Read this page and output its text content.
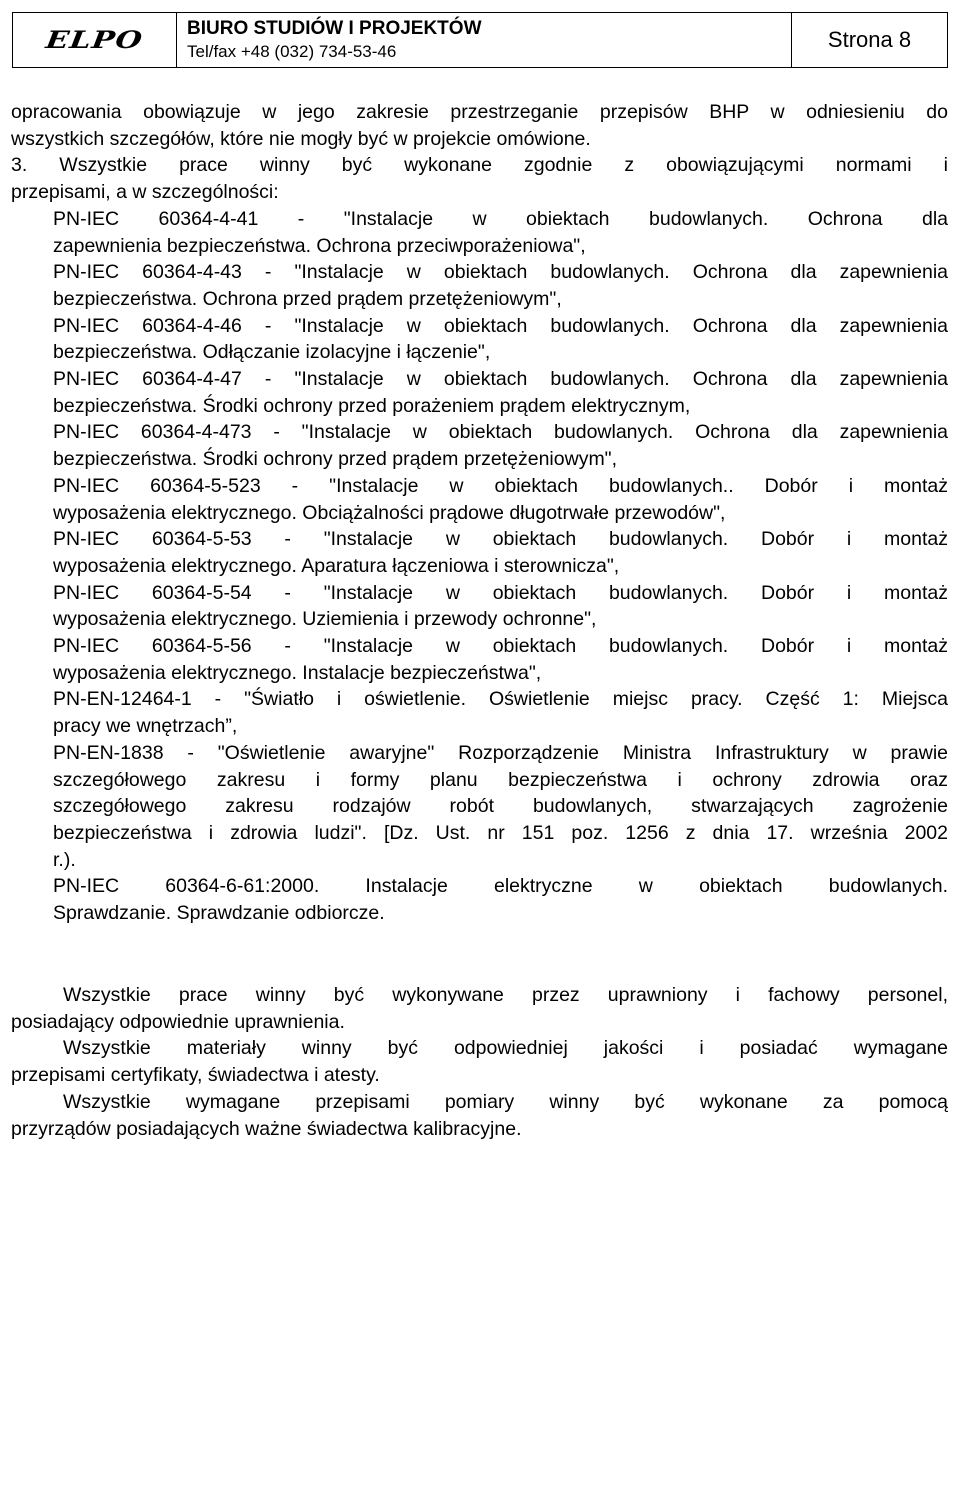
ELPO	BIURO STUDIÓW I PROJEKTÓW
Tel/fax +48 (032) 734-53-46	Strona 8
opracowania obowiązuje w jego zakresie przestrzeganie przepisów BHP w odniesieniu do
wszystkich szczegółów, które nie mogły być w projekcie omówione.
3. Wszystkie prace winny być wykonane zgodnie z obowiązującymi normami i
przepisami, a w szczególności:
PN-IEC 60364-4-41 - "Instalacje w obiektach budowlanych. Ochrona dla
zapewnienia bezpieczeństwa. Ochrona przeciwporażeniowa",
PN-IEC 60364-4-43 - "Instalacje w obiektach budowlanych. Ochrona dla zapewnienia
bezpieczeństwa. Ochrona przed prądem przetężeniowym",
PN-IEC 60364-4-46 - "Instalacje w obiektach budowlanych. Ochrona dla zapewnienia
bezpieczeństwa. Odłączanie izolacyjne i łączenie",
PN-IEC 60364-4-47 - "Instalacje w obiektach budowlanych. Ochrona dla zapewnienia
bezpieczeństwa. Środki ochrony przed porażeniem prądem elektrycznym,
PN-IEC 60364-4-473 - "Instalacje w obiektach budowlanych. Ochrona dla zapewnienia
bezpieczeństwa. Środki ochrony przed prądem przetężeniowym",
PN-IEC 60364-5-523 - "Instalacje w obiektach budowlanych.. Dobór i montaż
wyposażenia elektrycznego. Obciążalności prądowe długotrwałe przewodów",
PN-IEC 60364-5-53 - "Instalacje w obiektach budowlanych. Dobór i montaż
wyposażenia elektrycznego. Aparatura łączeniowa i sterownicza",
PN-IEC 60364-5-54 - "Instalacje w obiektach budowlanych. Dobór i montaż
wyposażenia elektrycznego. Uziemienia i przewody ochronne",
PN-IEC 60364-5-56 - "Instalacje w obiektach budowlanych. Dobór i montaż
wyposażenia elektrycznego. Instalacje bezpieczeństwa",
PN-EN-12464-1 - "Światło i oświetlenie. Oświetlenie miejsc pracy. Część 1: Miejsca
pracy we wnętrzach”,
PN-EN-1838 - "Oświetlenie awaryjne" Rozporządzenie Ministra Infrastruktury w prawie
szczegółowego zakresu i formy planu bezpieczeństwa i ochrony zdrowia oraz
szczegółowego zakresu rodzajów robót budowlanych, stwarzających zagrożenie
bezpieczeństwa i zdrowia ludzi". [Dz. Ust. nr 151 poz. 1256 z dnia 17. września 2002
r.).
PN-IEC 60364-6-61:2000. Instalacje elektryczne w obiektach budowlanych.
Sprawdzanie. Sprawdzanie odbiorcze.
Wszystkie prace winny być wykonywane przez uprawniony i fachowy personel,
posiadający odpowiednie uprawnienia.
Wszystkie materiały winny być odpowiedniej jakości i posiadać wymagane
przepisami certyfikaty, świadectwa i atesty.
Wszystkie wymagane przepisami pomiary winny być wykonane za pomocą
przyrządów posiadających ważne świadectwa kalibracyjne.
